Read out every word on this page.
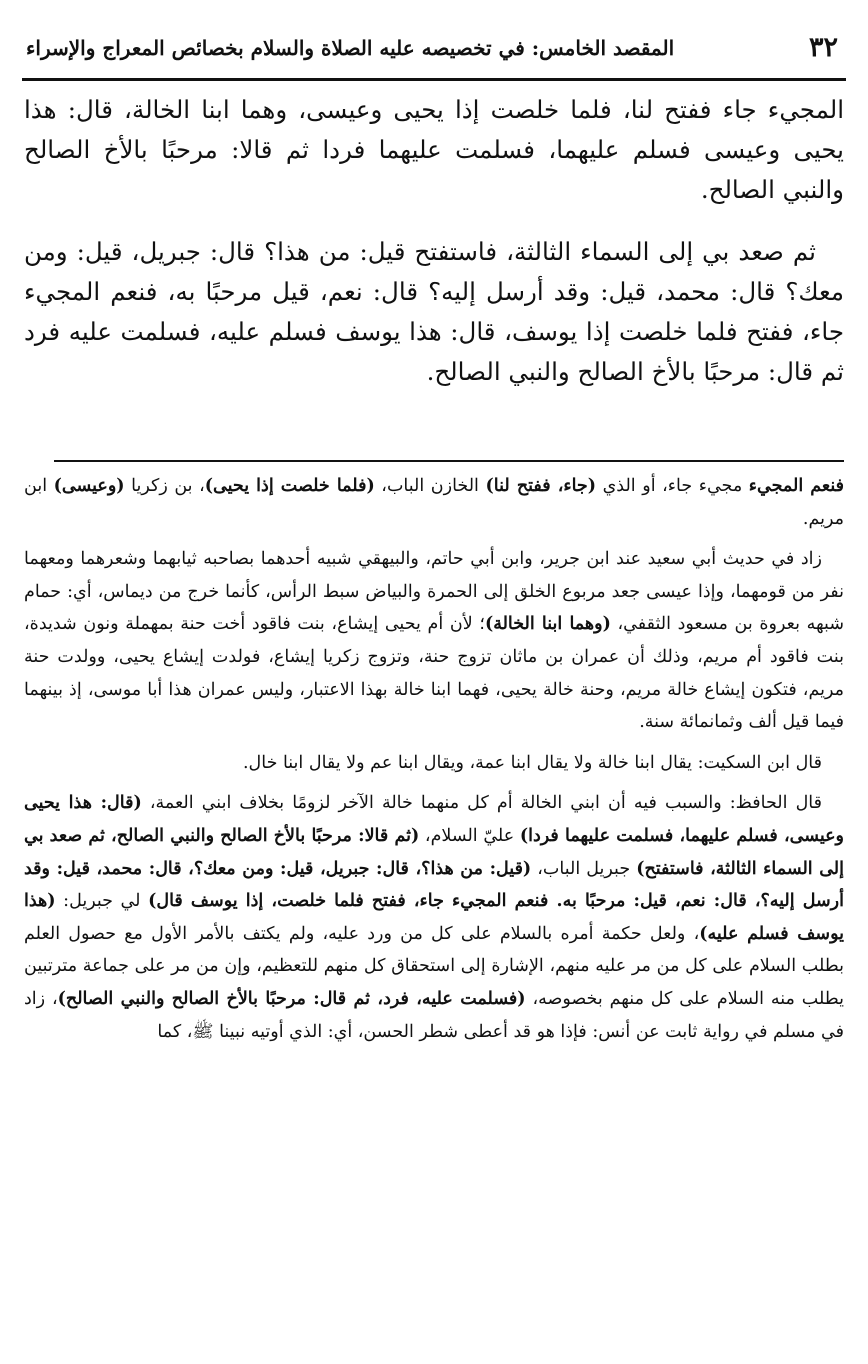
٣٢
المقصد الخامس: في تخصيصه عليه الصلاة والسلام بخصائص المعراج والإسراء

المجيء جاء ففتح لنا، فلما خلصت إذا يحيى وعيسى، وهما ابنا الخالة، قال: هذا يحيى وعيسى فسلم عليهما، فسلمت عليهما فردا ثم قالا: مرحبًا بالأخ الصالح والنبي الصالح.

ثم صعد بي إلى السماء الثالثة، فاستفتح قيل: من هذا؟ قال: جبريل، قيل: ومن معك؟ قال: محمد، قيل: وقد أرسل إليه؟ قال: نعم، قيل مرحبًا به، فنعم المجيء جاء، ففتح فلما خلصت إذا يوسف، قال: هذا يوسف فسلم عليه، فسلمت عليه فرد ثم قال: مرحبًا بالأخ الصالح والنبي الصالح.

فنعم المجيء مجيء جاء، أو الذي (جاء، ففتح لنا) الخازن الباب، (فلما خلصت إذا يحيى)، بن زكريا (وعيسى) ابن مريم.

زاد في حديث أبي سعيد عند ابن جرير، وابن أبي حاتم، والبيهقي شبيه أحدهما بصاحبه ثيابهما وشعرهما ومعهما نفر من قومهما، وإذا عيسى جعد مربوع الخلق إلى الحمرة والبياض سبط الرأس، كأنما خرج من ديماس، أي: حمام شبهه بعروة بن مسعود الثقفي، (وهما ابنا الخالة)؛ لأن أم يحيى إيشاع، بنت فاقود أخت حنة بمهملة ونون شديدة، بنت فاقود أم مريم، وذلك أن عمران بن ماثان تزوج حنة، وتزوج زكريا إيشاع، فولدت إيشاع يحيى، وولدت حنة مريم، فتكون إيشاع خالة مريم، وحنة خالة يحيى، فهما ابنا خالة بهذا الاعتبار، وليس عمران هذا أبا موسى، إذ بينهما فيما قيل ألف وثمانمائة سنة.

قال ابن السكيت: يقال ابنا خالة ولا يقال ابنا عمة، ويقال ابنا عم ولا يقال ابنا خال.

قال الحافظ: والسبب فيه أن ابني الخالة أم كل منهما خالة الآخر لزومًا بخلاف ابني العمة، (قال: هذا يحيى وعيسى، فسلم عليهما، فسلمت عليهما فردا) عليّ السلام، (ثم قالا: مرحبًا بالأخ الصالح والنبي الصالح، ثم صعد بي إلى السماء الثالثة، فاستفتح) جبريل الباب، (قيل: من هذا؟، قال: جبريل، قيل: ومن معك؟، قال: محمد، قيل: وقد أرسل إليه؟، قال: نعم، قيل: مرحبًا به. فنعم المجيء جاء، ففتح فلما خلصت، إذا يوسف قال) لي جبريل: (هذا يوسف فسلم عليه)، ولعل حكمة أمره بالسلام على كل من ورد عليه، ولم يكتف بالأمر الأول مع حصول العلم بطلب السلام على كل من مر عليه منهم، الإشارة إلى استحقاق كل منهم للتعظيم، وإن من مر على جماعة مترتبين يطلب منه السلام على كل منهم بخصوصه، (فسلمت عليه، فرد، ثم قال: مرحبًا بالأخ الصالح والنبي الصالح)، زاد في مسلم في رواية ثابت عن أنس: فإذا هو قد أعطى شطر الحسن، أي: الذي أوتيه نبينا ﷺ، كما
